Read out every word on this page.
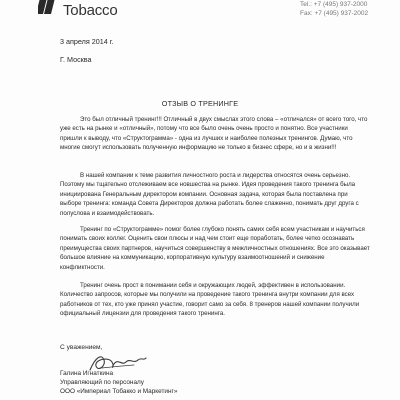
Tobacco	Tel.: +7 (495) 937-2000
Fax: +7 (495) 937-2002
3 апреля 2014 г.
Г. Москва
ОТЗЫВ О ТРЕНИНГЕ
Это был отличный тренинг!!! Отличный в двух смыслах этого слова – «отличался» от всего того, что уже есть на рынке и «отличный», потому что все было очень очень просто и понятно. Все участники пришли к выводу, что «Структограмма» - одна из лучших и наиболее полезных тренингов. Думаю, что многие смогут использовать полученную информацию не только в бизнес сфере, но и в жизни!!!
В нашей компании к теме развития личностного роста и лидерства относятся очень серьезно. Поэтому мы тщательно отслеживаем все новшества на рынке. Идея проведения такого тренинга была инициирована Генеральным директором компании. Основная задача, которая была поставлена при выборе тренинга: команда Совета Директоров должна работать более слаженно, понимать друг друга с полуслова и взаимодействовать.
Тренинг по «Структограмме» помог более глубоко понять самих себя всем участникам и научиться понимать своих коллег. Оценить свои плюсы и над чем стоит еще поработать, более четко осознавать преимущества своих партнеров, научиться совершенству в межличностных отношениях. Все это оказывает большое влияние на коммуникацию, корпоративную культуру взаимоотношений и снижение конфликтности.
Тренинг очень прост в понимании себя и окружающих людей, эффективен в использовании. Количество запросов, которые мы получили на проведение такого тренинга внутри компании для всех работников от тех, кто уже принял участие, говорит само за себя. 8 тренеров нашей компании получили официальный лицензии для проведения такого тренинга.
С уважением,
Галина Игнаткина
Управляющий по персоналу
ООО «Империал Тобакко и Маркетинг»
